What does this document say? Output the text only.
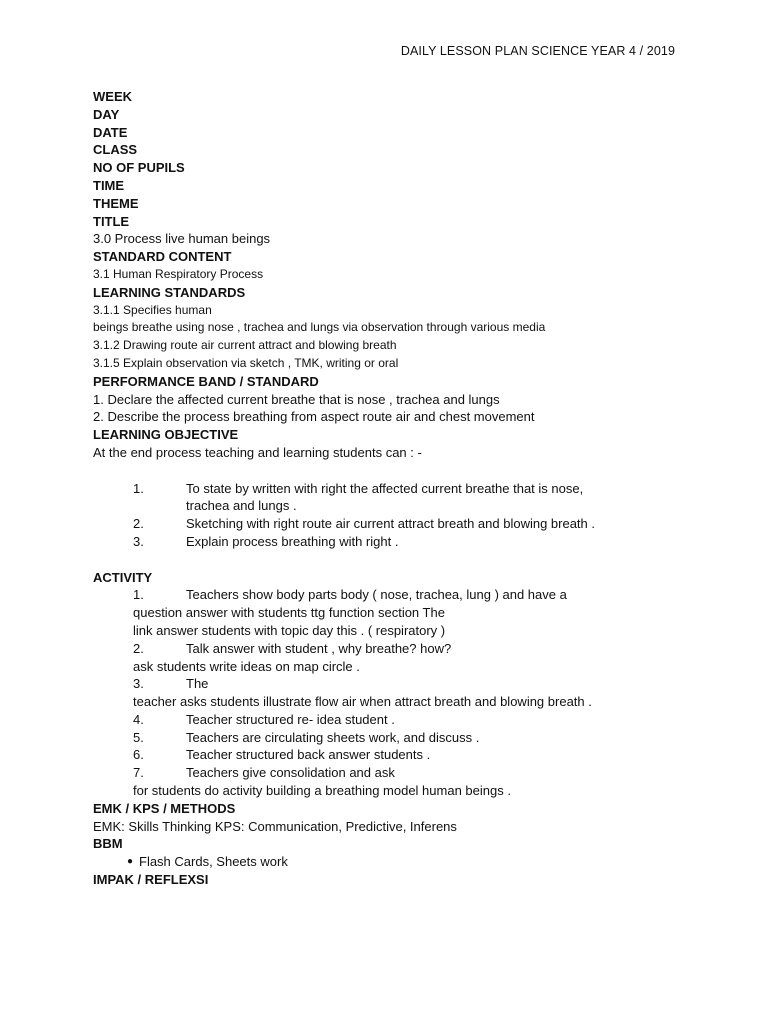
DAILY LESSON PLAN SCIENCE YEAR 4 / 2019
WEEK
DAY
DATE
CLASS
NO OF PUPILS
TIME
THEME
TITLE
3.0 Process live human beings
STANDARD CONTENT
3.1 Human Respiratory Process
LEARNING STANDARDS
3.1.1 Specifies human
beings breathe using nose , trachea and lungs via observation through various media
3.1.2 Drawing route air current attract and blowing breath
3.1.5 Explain observation via sketch , TMK, writing or oral
PERFORMANCE BAND / STANDARD
1. Declare the affected current breathe that is nose , trachea and lungs
2. Describe the process breathing from aspect route air and chest movement
LEARNING OBJECTIVE
At the end process teaching and learning students can : -
1.	To state by written with right the affected current breathe that is nose,
trachea and lungs .
2.	Sketching with right route air current attract breath and blowing breath .
3.	Explain process breathing with right .
ACTIVITY
1.	Teachers show body parts body ( nose, trachea, lung ) and have a
question answer with students ttg function section The
link answer students with topic day this . ( respiratory )
2.	Talk answer with student , why breathe? how?
ask students write ideas on map circle .
3.	The
teacher asks students illustrate flow air when attract breath and blowing breath .
4.	Teacher structured re- idea student .
5.	Teachers are circulating sheets work, and discuss .
6.	Teacher structured back answer students .
7.	Teachers give consolidation and ask
for students do activity building a breathing model human beings .
EMK / KPS / METHODS
EMK: Skills Thinking KPS: Communication, Predictive, Inferens
BBM
● Flash Cards, Sheets work
IMPAK / REFLEXSI
